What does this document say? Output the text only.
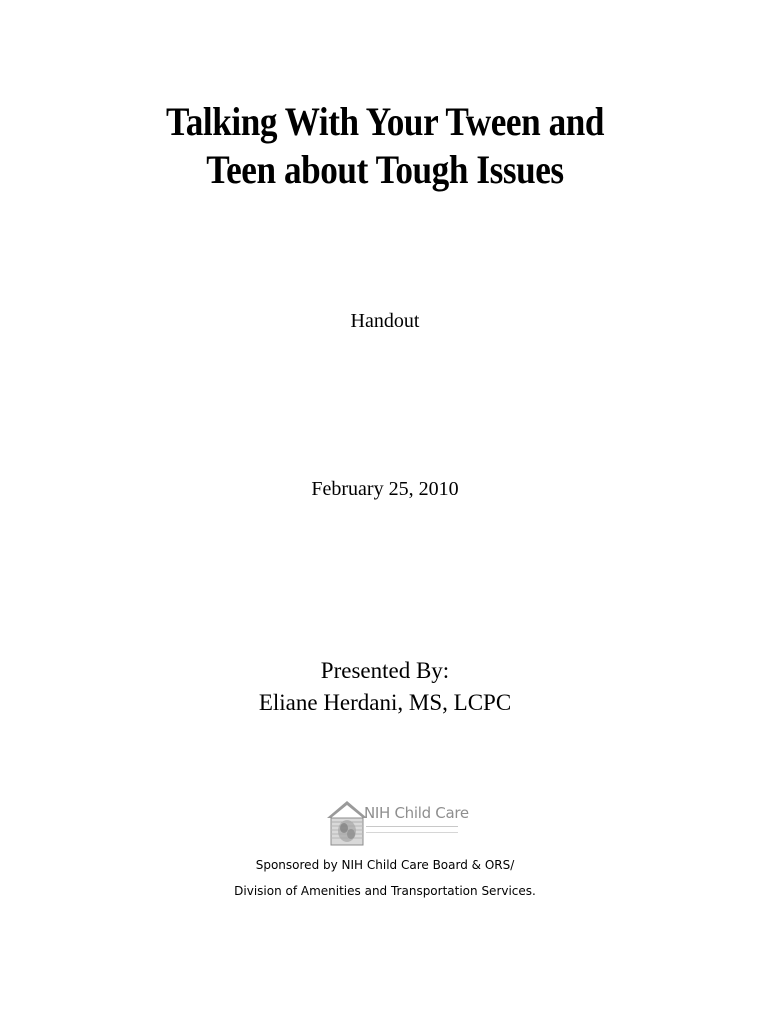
Talking With Your Tween and
Teen about Tough Issues
Handout
February 25, 2010
Presented By:
Eliane Herdani, MS, LCPC
NIH Child Care
Sponsored by NIH Child Care Board & ORS/
Division of Amenities and Transportation Services.
